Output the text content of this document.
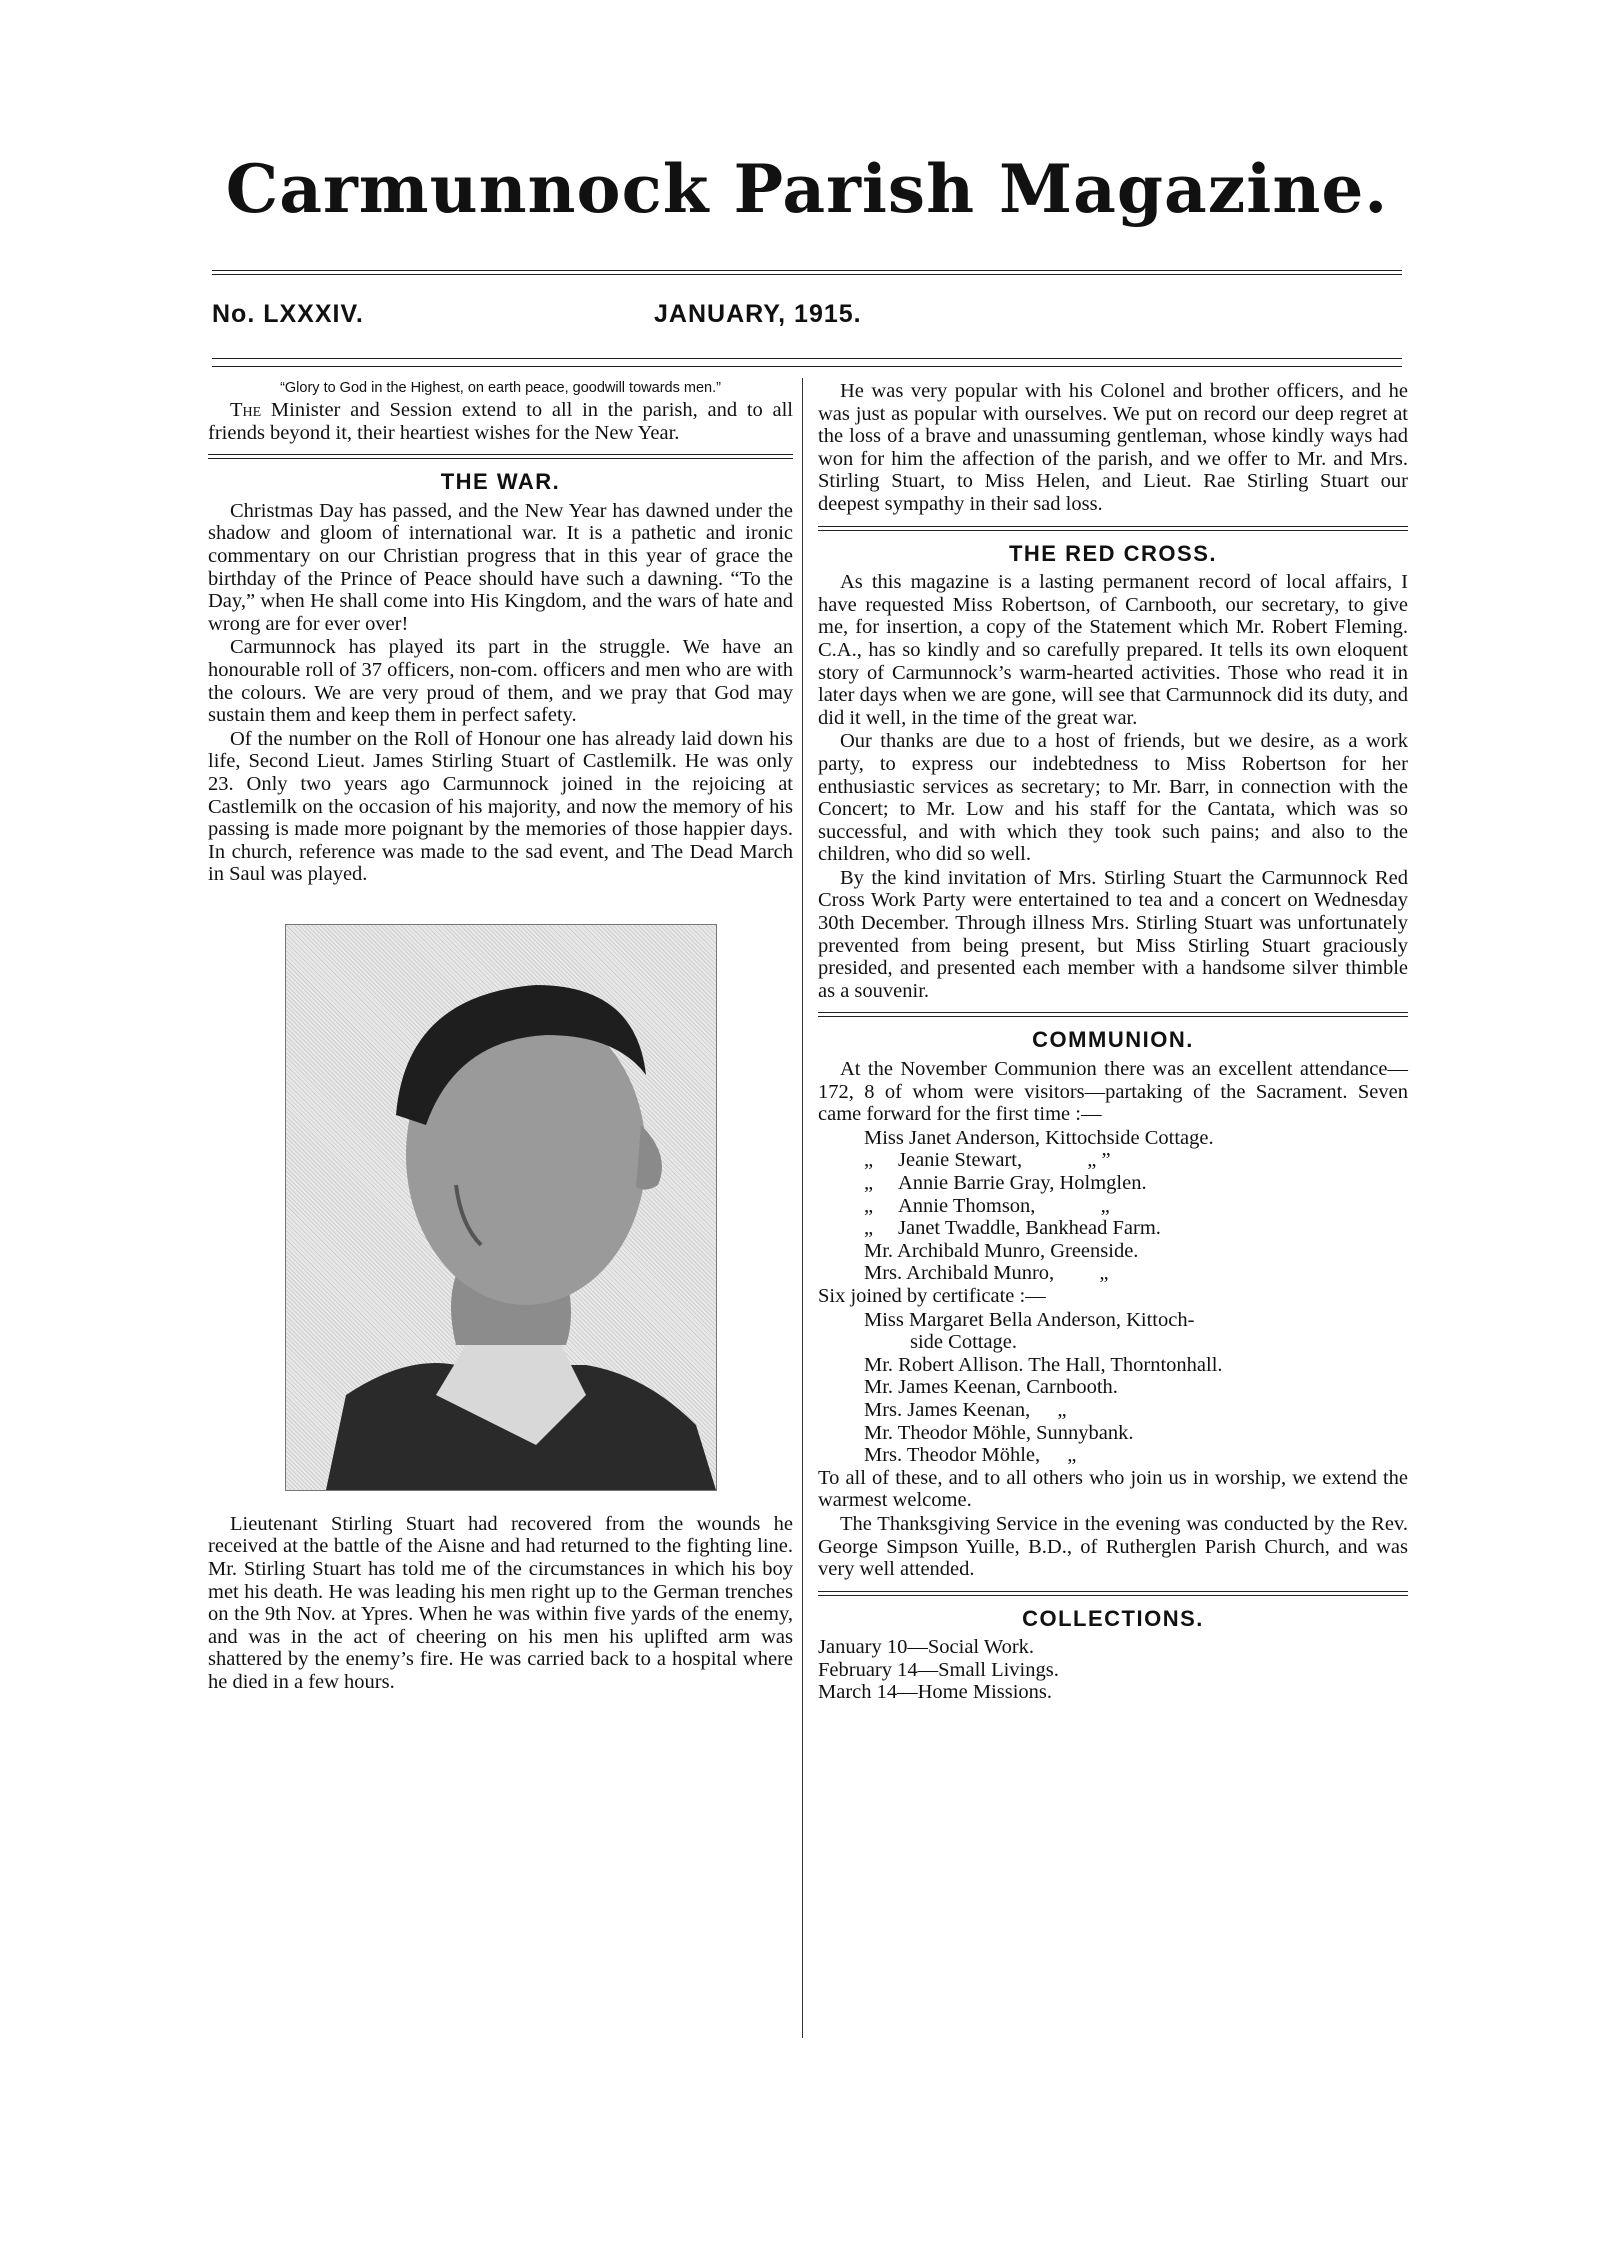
Carmunnock Parish Magazine.
No. LXXXIV.	JANUARY, 1915.

“Glory to God in the Highest, on earth peace, goodwill towards men.”

The Minister and Session extend to all in the parish, and to all friends beyond it, their heartiest wishes for the New Year.

THE WAR.

Christmas Day has passed, and the New Year has dawned under the shadow and gloom of international war. It is a pathetic and ironic commentary on our Christian progress that in this year of grace the birthday of the Prince of Peace should have such a dawning. “To the Day,” when He shall come into His Kingdom, and the wars of hate and wrong are for ever over!

Carmunnock has played its part in the struggle. We have an honourable roll of 37 officers, non-com. officers and men who are with the colours. We are very proud of them, and we pray that God may sustain them and keep them in perfect safety.

Of the number on the Roll of Honour one has already laid down his life, Second Lieut. James Stirling Stuart of Castlemilk. He was only 23. Only two years ago Carmunnock joined in the rejoicing at Castlemilk on the occasion of his majority, and now the memory of his passing is made more poignant by the memories of those happier days. In church, reference was made to the sad event, and The Dead March in Saul was played.

Lieutenant Stirling Stuart had recovered from the wounds he received at the battle of the Aisne and had returned to the fighting line. Mr. Stirling Stuart has told me of the circumstances in which his boy met his death. He was leading his men right up to the German trenches on the 9th Nov. at Ypres. When he was within five yards of the enemy, and was in the act of cheering on his men his uplifted arm was shattered by the enemy’s fire. He was carried back to a hospital where he died in a few hours.

He was very popular with his Colonel and brother officers, and he was just as popular with ourselves. We put on record our deep regret at the loss of a brave and unassuming gentleman, whose kindly ways had won for him the affection of the parish, and we offer to Mr. and Mrs. Stirling Stuart, to Miss Helen, and Lieut. Rae Stirling Stuart our deepest sympathy in their sad loss.

THE RED CROSS.

As this magazine is a lasting permanent record of local affairs, I have requested Miss Robertson, of Carnbooth, our secretary, to give me, for insertion, a copy of the Statement which Mr. Robert Fleming. C.A., has so kindly and so carefully prepared. It tells its own eloquent story of Carmunnock’s warm-hearted activities. Those who read it in later days when we are gone, will see that Carmunnock did its duty, and did it well, in the time of the great war.

Our thanks are due to a host of friends, but we desire, as a work party, to express our indebtedness to Miss Robertson for her enthusiastic services as secretary; to Mr. Barr, in connection with the Concert; to Mr. Low and his staff for the Cantata, which was so successful, and with which they took such pains; and also to the children, who did so well.

By the kind invitation of Mrs. Stirling Stuart the Carmunnock Red Cross Work Party were entertained to tea and a concert on Wednesday 30th December. Through illness Mrs. Stirling Stuart was unfortunately prevented from being present, but Miss Stirling Stuart graciously presided, and presented each member with a handsome silver thimble as a souvenir.

COMMUNION.

At the November Communion there was an excellent attendance—172, 8 of whom were visitors—partaking of the Sacrament. Seven came forward for the first time :—

Miss Janet Anderson, Kittochside Cottage.
„ Jeanie Stewart,	„ ”
„ Annie Barrie Gray, Holmglen.
„ Annie Thomson,	„
„ Janet Twaddle, Bankhead Farm.
Mr. Archibald Munro, Greenside.
Mrs. Archibald Munro, „

Six joined by certificate :—

Miss Margaret Bella Anderson, Kittoch-
side Cottage.
Mr. Robert Allison. The Hall, Thorntonhall.
Mr. James Keenan, Carnbooth.
Mrs. James Keenan, „
Mr. Theodor Möhle, Sunnybank.
Mrs. Theodor Möhle, „

To all of these, and to all others who join us in worship, we extend the warmest welcome.

The Thanksgiving Service in the evening was conducted by the Rev. George Simpson Yuille, B.D., of Rutherglen Parish Church, and was very well attended.

COLLECTIONS.
January 10—Social Work.
February 14—Small Livings.
March 14—Home Missions.
